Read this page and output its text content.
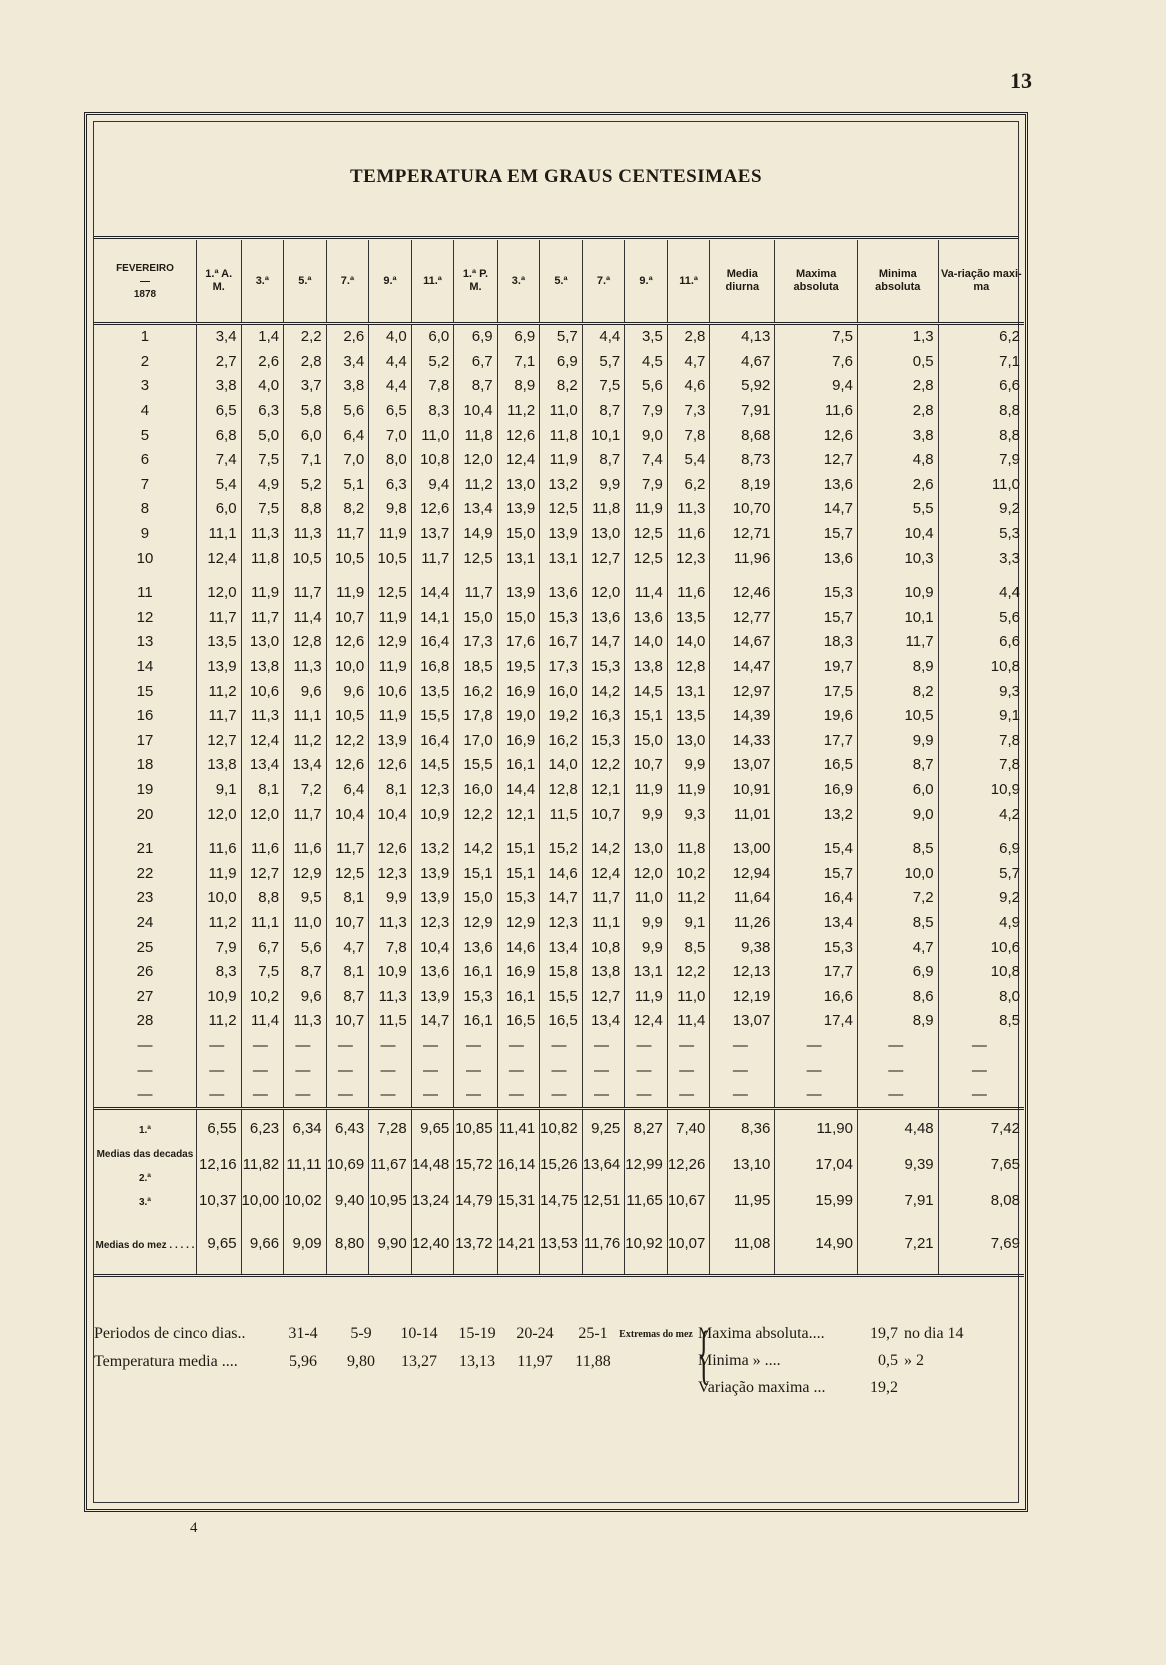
13
TEMPERATURA EM GRAUS CENTESIMAES
FEVEREIRO
—
1878	1.ª A. M.	3.ª	5.ª	7.ª	9.ª	11.ª	1.ª P. M.	3.ª	5.ª	7.ª	9.ª	11.ª	Media diurna	Maxima absoluta	Minima absoluta	Va-riação maxi-ma
1	3,4	1,4	2,2	2,6	4,0	6,0	6,9	6,9	5,7	4,4	3,5	2,8	4,13	7,5	1,3	6,2
2	2,7	2,6	2,8	3,4	4,4	5,2	6,7	7,1	6,9	5,7	4,5	4,7	4,67	7,6	0,5	7,1
3	3,8	4,0	3,7	3,8	4,4	7,8	8,7	8,9	8,2	7,5	5,6	4,6	5,92	9,4	2,8	6,6
4	6,5	6,3	5,8	5,6	6,5	8,3	10,4	11,2	11,0	8,7	7,9	7,3	7,91	11,6	2,8	8,8
5	6,8	5,0	6,0	6,4	7,0	11,0	11,8	12,6	11,8	10,1	9,0	7,8	8,68	12,6	3,8	8,8
6	7,4	7,5	7,1	7,0	8,0	10,8	12,0	12,4	11,9	8,7	7,4	5,4	8,73	12,7	4,8	7,9
7	5,4	4,9	5,2	5,1	6,3	9,4	11,2	13,0	13,2	9,9	7,9	6,2	8,19	13,6	2,6	11,0
8	6,0	7,5	8,8	8,2	9,8	12,6	13,4	13,9	12,5	11,8	11,9	11,3	10,70	14,7	5,5	9,2
9	11,1	11,3	11,3	11,7	11,9	13,7	14,9	15,0	13,9	13,0	12,5	11,6	12,71	15,7	10,4	5,3
10	12,4	11,8	10,5	10,5	10,5	11,7	12,5	13,1	13,1	12,7	12,5	12,3	11,96	13,6	10,3	3,3
11	12,0	11,9	11,7	11,9	12,5	14,4	11,7	13,9	13,6	12,0	11,4	11,6	12,46	15,3	10,9	4,4
12	11,7	11,7	11,4	10,7	11,9	14,1	15,0	15,0	15,3	13,6	13,6	13,5	12,77	15,7	10,1	5,6
13	13,5	13,0	12,8	12,6	12,9	16,4	17,3	17,6	16,7	14,7	14,0	14,0	14,67	18,3	11,7	6,6
14	13,9	13,8	11,3	10,0	11,9	16,8	18,5	19,5	17,3	15,3	13,8	12,8	14,47	19,7	8,9	10,8
15	11,2	10,6	9,6	9,6	10,6	13,5	16,2	16,9	16,0	14,2	14,5	13,1	12,97	17,5	8,2	9,3
16	11,7	11,3	11,1	10,5	11,9	15,5	17,8	19,0	19,2	16,3	15,1	13,5	14,39	19,6	10,5	9,1
17	12,7	12,4	11,2	12,2	13,9	16,4	17,0	16,9	16,2	15,3	15,0	13,0	14,33	17,7	9,9	7,8
18	13,8	13,4	13,4	12,6	12,6	14,5	15,5	16,1	14,0	12,2	10,7	9,9	13,07	16,5	8,7	7,8
19	9,1	8,1	7,2	6,4	8,1	12,3	16,0	14,4	12,8	12,1	11,9	11,9	10,91	16,9	6,0	10,9
20	12,0	12,0	11,7	10,4	10,4	10,9	12,2	12,1	11,5	10,7	9,9	9,3	11,01	13,2	9,0	4,2
21	11,6	11,6	11,6	11,7	12,6	13,2	14,2	15,1	15,2	14,2	13,0	11,8	13,00	15,4	8,5	6,9
22	11,9	12,7	12,9	12,5	12,3	13,9	15,1	15,1	14,6	12,4	12,0	10,2	12,94	15,7	10,0	5,7
23	10,0	8,8	9,5	8,1	9,9	13,9	15,0	15,3	14,7	11,7	11,0	11,2	11,64	16,4	7,2	9,2
24	11,2	11,1	11,0	10,7	11,3	12,3	12,9	12,9	12,3	11,1	9,9	9,1	11,26	13,4	8,5	4,9
25	7,9	6,7	5,6	4,7	7,8	10,4	13,6	14,6	13,4	10,8	9,9	8,5	9,38	15,3	4,7	10,6
26	8,3	7,5	8,7	8,1	10,9	13,6	16,1	16,9	15,8	13,8	13,1	12,2	12,13	17,7	6,9	10,8
27	10,9	10,2	9,6	8,7	11,3	13,9	15,3	16,1	15,5	12,7	11,9	11,0	12,19	16,6	8,6	8,0
28	11,2	11,4	11,3	10,7	11,5	14,7	16,1	16,5	16,5	13,4	12,4	11,4	13,07	17,4	8,9	8,5
—	—	—	—	—	—	—	—	—	—	—	—	—	—	—	—	—
—	—	—	—	—	—	—	—	—	—	—	—	—	—	—	—	—
—	—	—	—	—	—	—	—	—	—	—	—	—	—	—	—	—
1.ª	6,55	6,23	6,34	6,43	7,28	9,65	10,85	11,41	10,82	9,25	8,27	7,40	8,36	11,90	4,48	7,42
Medias das decadas 2.ª	12,16	11,82	11,11	10,69	11,67	14,48	15,72	16,14	15,26	13,64	12,99	12,26	13,10	17,04	9,39	7,65
3.ª	10,37	10,00	10,02	9,40	10,95	13,24	14,79	15,31	14,75	12,51	11,65	10,67	11,95	15,99	7,91	8,08
Medias do mez . . . . .	9,65	9,66	9,09	8,80	9,90	12,40	13,72	14,21	13,53	11,76	10,92	10,07	11,08	14,90	7,21	7,69
Periodos de cinco dias..	31-4	5-9	10-14	15-19	20-24	25-1
Temperatura media ....	5,96	9,80	13,27	13,13	11,97	11,88
Extremas do mez {
Maxima absoluta....	19,7 no dia 14
Minima » ....	0,5 » 2
Variação maxima ...	19,2
4
